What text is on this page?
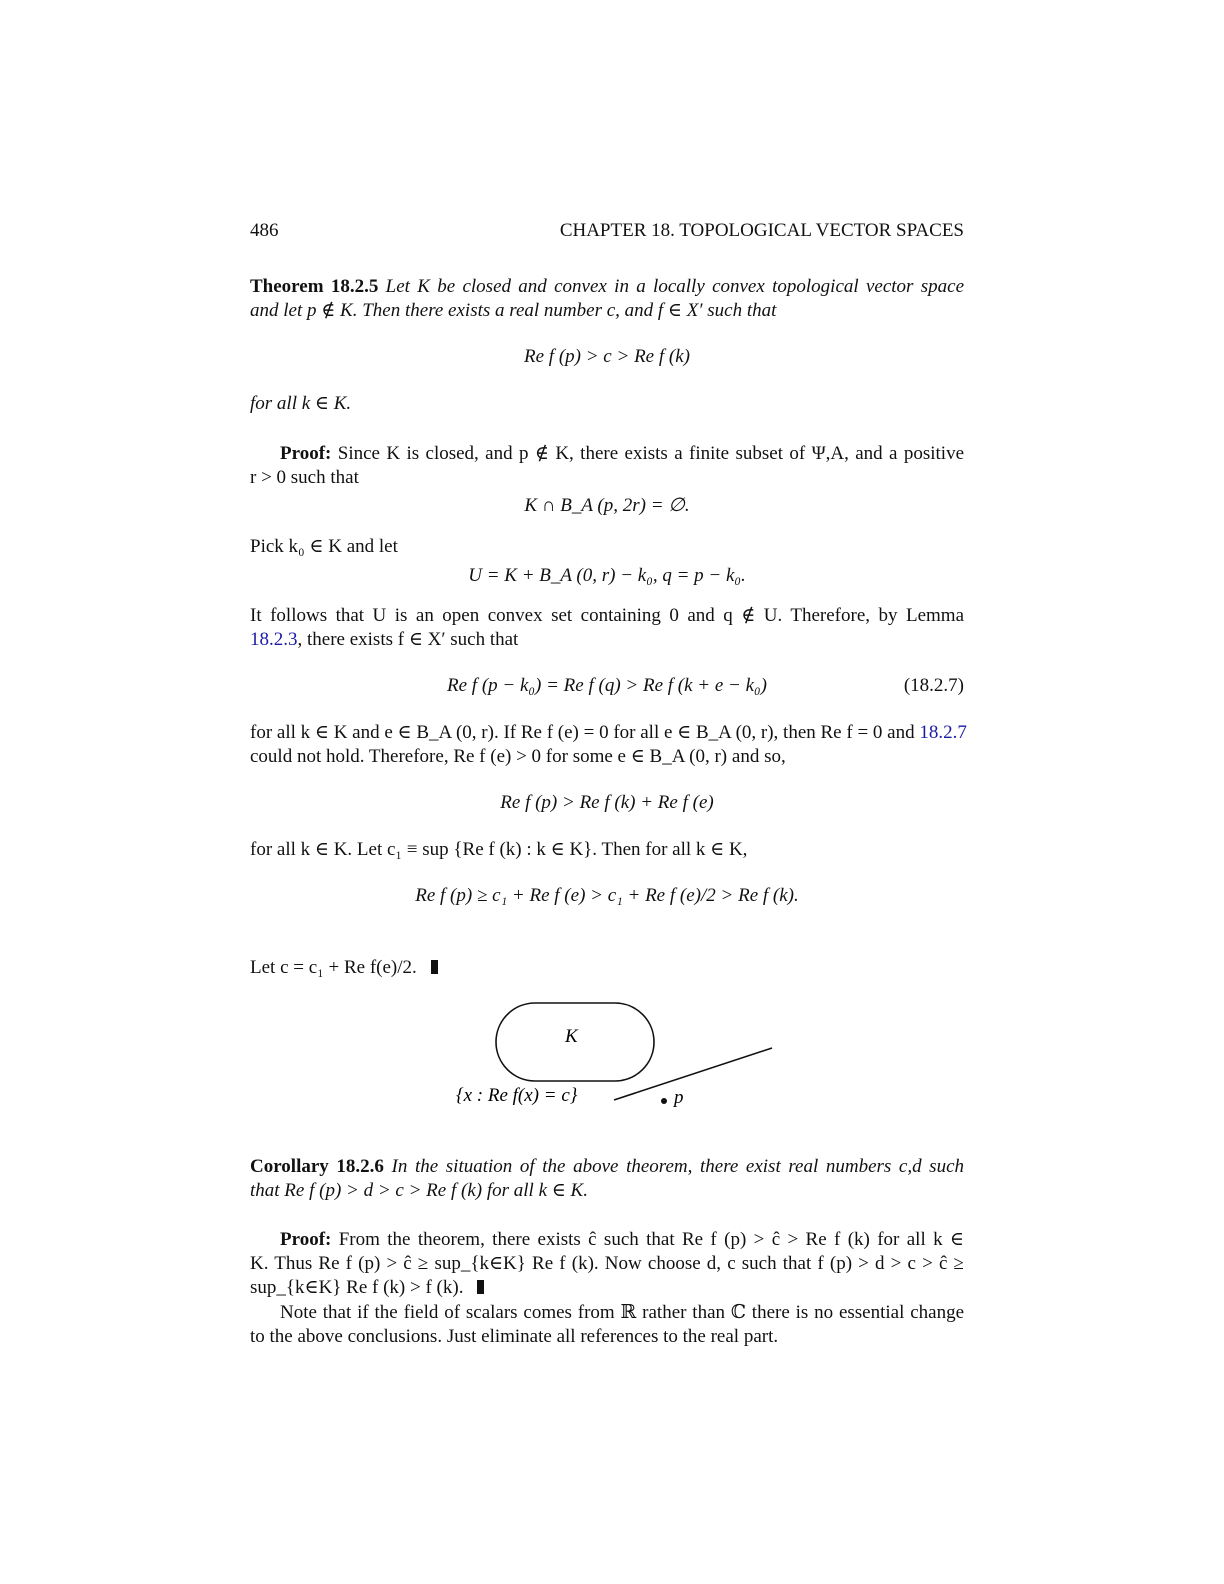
486	CHAPTER 18. TOPOLOGICAL VECTOR SPACES
Theorem 18.2.5 Let K be closed and convex in a locally convex topological vector space
and let p ∉ K. Then there exists a real number c, and f ∈ X′ such that
Re f (p) > c > Re f (k)
for all k ∈ K.
Proof: Since K is closed, and p ∉ K, there exists a finite subset of Ψ,A, and a positive
r > 0 such that
K ∩ B_A (p, 2r) = ∅.
Pick k₀ ∈ K and let
U = K + B_A (0, r) − k₀, q = p − k₀.
It follows that U is an open convex set containing 0 and q ∉ U. Therefore, by Lemma
18.2.3, there exists f ∈ X′ such that
Re f (p − k₀) = Re f (q) > Re f (k + e − k₀)	(18.2.7)
for all k ∈ K and e ∈ B_A (0, r). If Re f (e) = 0 for all e ∈ B_A (0, r), then Re f = 0 and 18.2.7
could not hold. Therefore, Re f (e) > 0 for some e ∈ B_A (0, r) and so,
Re f (p) > Re f (k) + Re f (e)
for all k ∈ K. Let c₁ ≡ sup {Re f (k) : k ∈ K}. Then for all k ∈ K,
Re f (p) ≥ c₁ + Re f (e) > c₁ + Re f (e)/2 > Re f (k).
Let c = c₁ + Re f(e)/2.
K
{x : Re f(x) = c}	p
Corollary 18.2.6 In the situation of the above theorem, there exist real numbers c,d such
that Re f (p) > d > c > Re f (k) for all k ∈ K.
Proof: From the theorem, there exists ĉ such that Re f (p) > ĉ > Re f (k) for all k ∈
K. Thus Re f (p) > ĉ ≥ sup_{k∈K} Re f (k). Now choose d, c such that f (p) > d > c > ĉ ≥
sup_{k∈K} Re f (k) > f (k).
Note that if the field of scalars comes from ℝ rather than ℂ there is no essential change
to the above conclusions. Just eliminate all references to the real part.
